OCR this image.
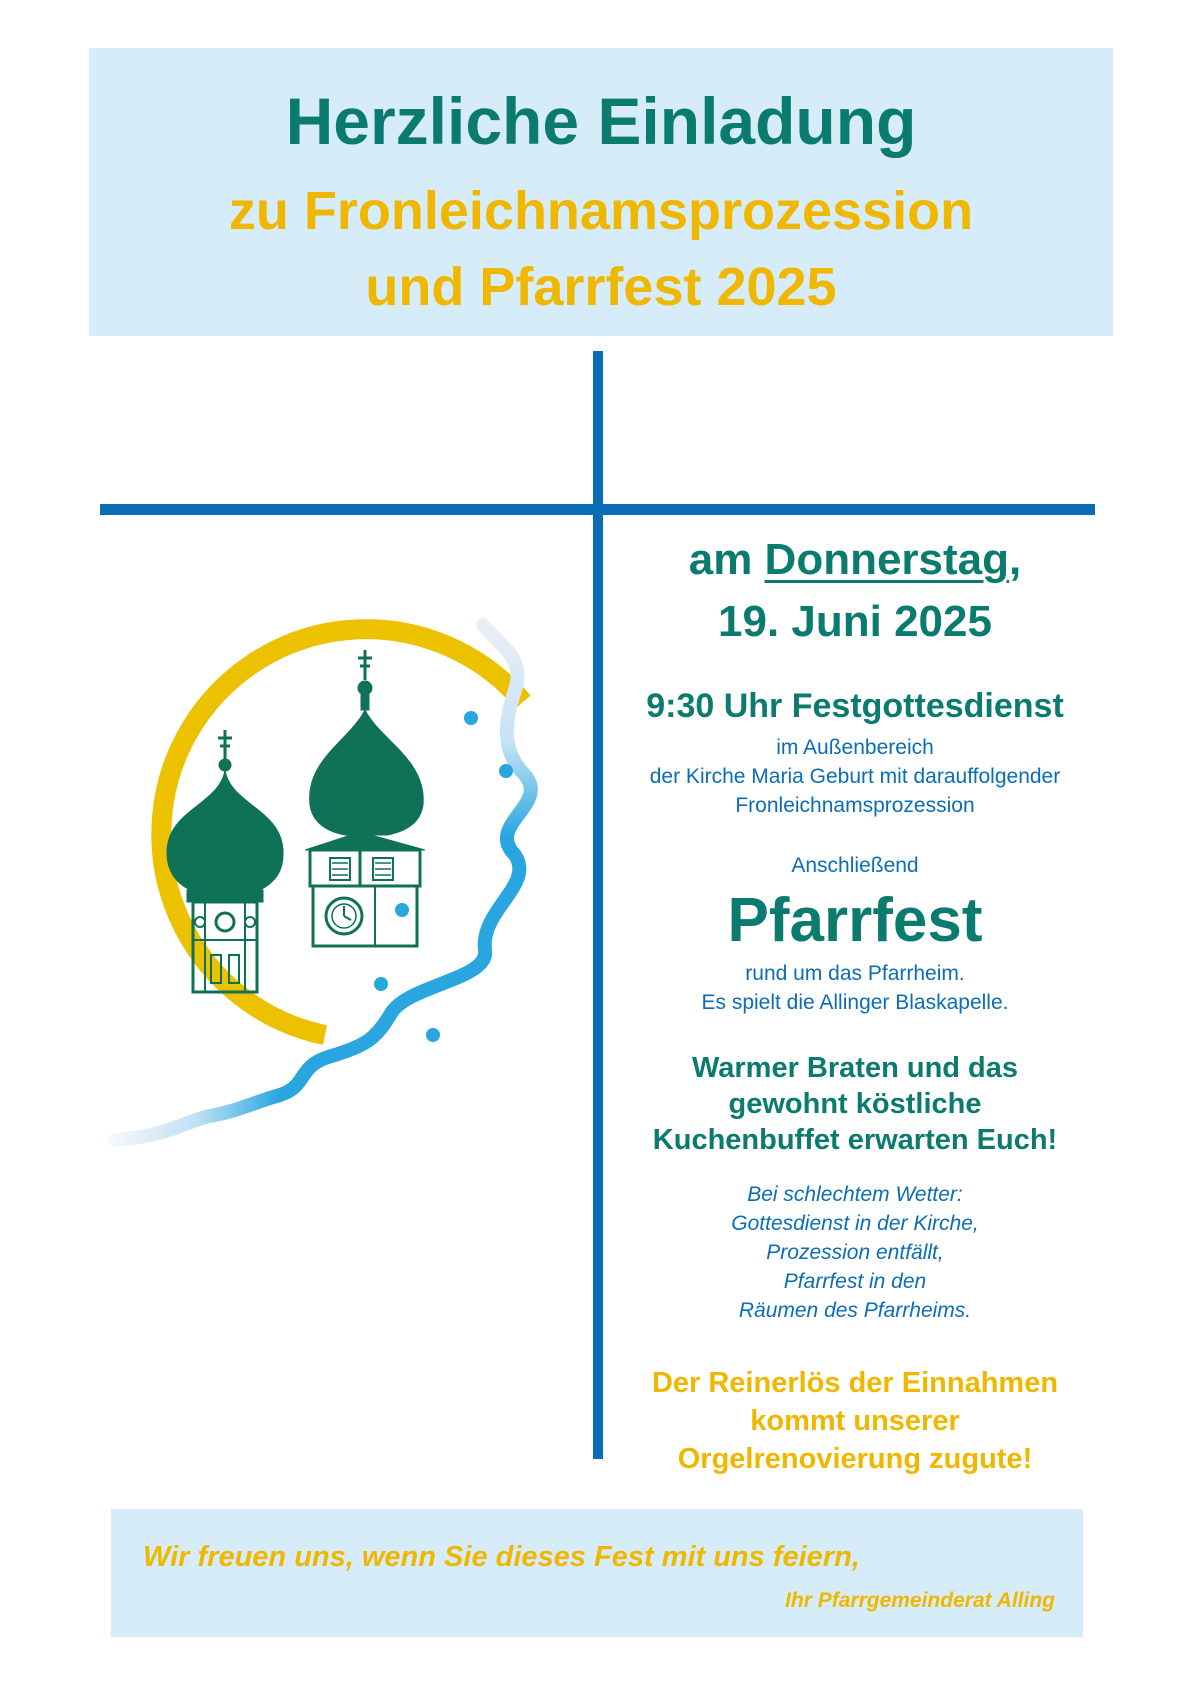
Herzliche Einladung
zu Fronleichnamsprozession
und Pfarrfest 2025
am Donnerstag,
19. Juni 2025
9:30 Uhr Festgottesdienst
im Außenbereich
der Kirche Maria Geburt mit darauffolgender
Fronleichnamsprozession
Anschließend
Pfarrfest
rund um das Pfarrheim.
Es spielt die Allinger Blaskapelle.
Warmer Braten und das
gewohnt köstliche
Kuchenbuffet erwarten Euch!
Bei schlechtem Wetter:
Gottesdienst in der Kirche,
Prozession entfällt,
Pfarrfest in den
Räumen des Pfarrheims.
Der Reinerlös der Einnahmen
kommt unserer
Orgelrenovierung zugute!
Wir freuen uns, wenn Sie dieses Fest mit uns feiern,
Ihr Pfarrgemeinderat Alling
